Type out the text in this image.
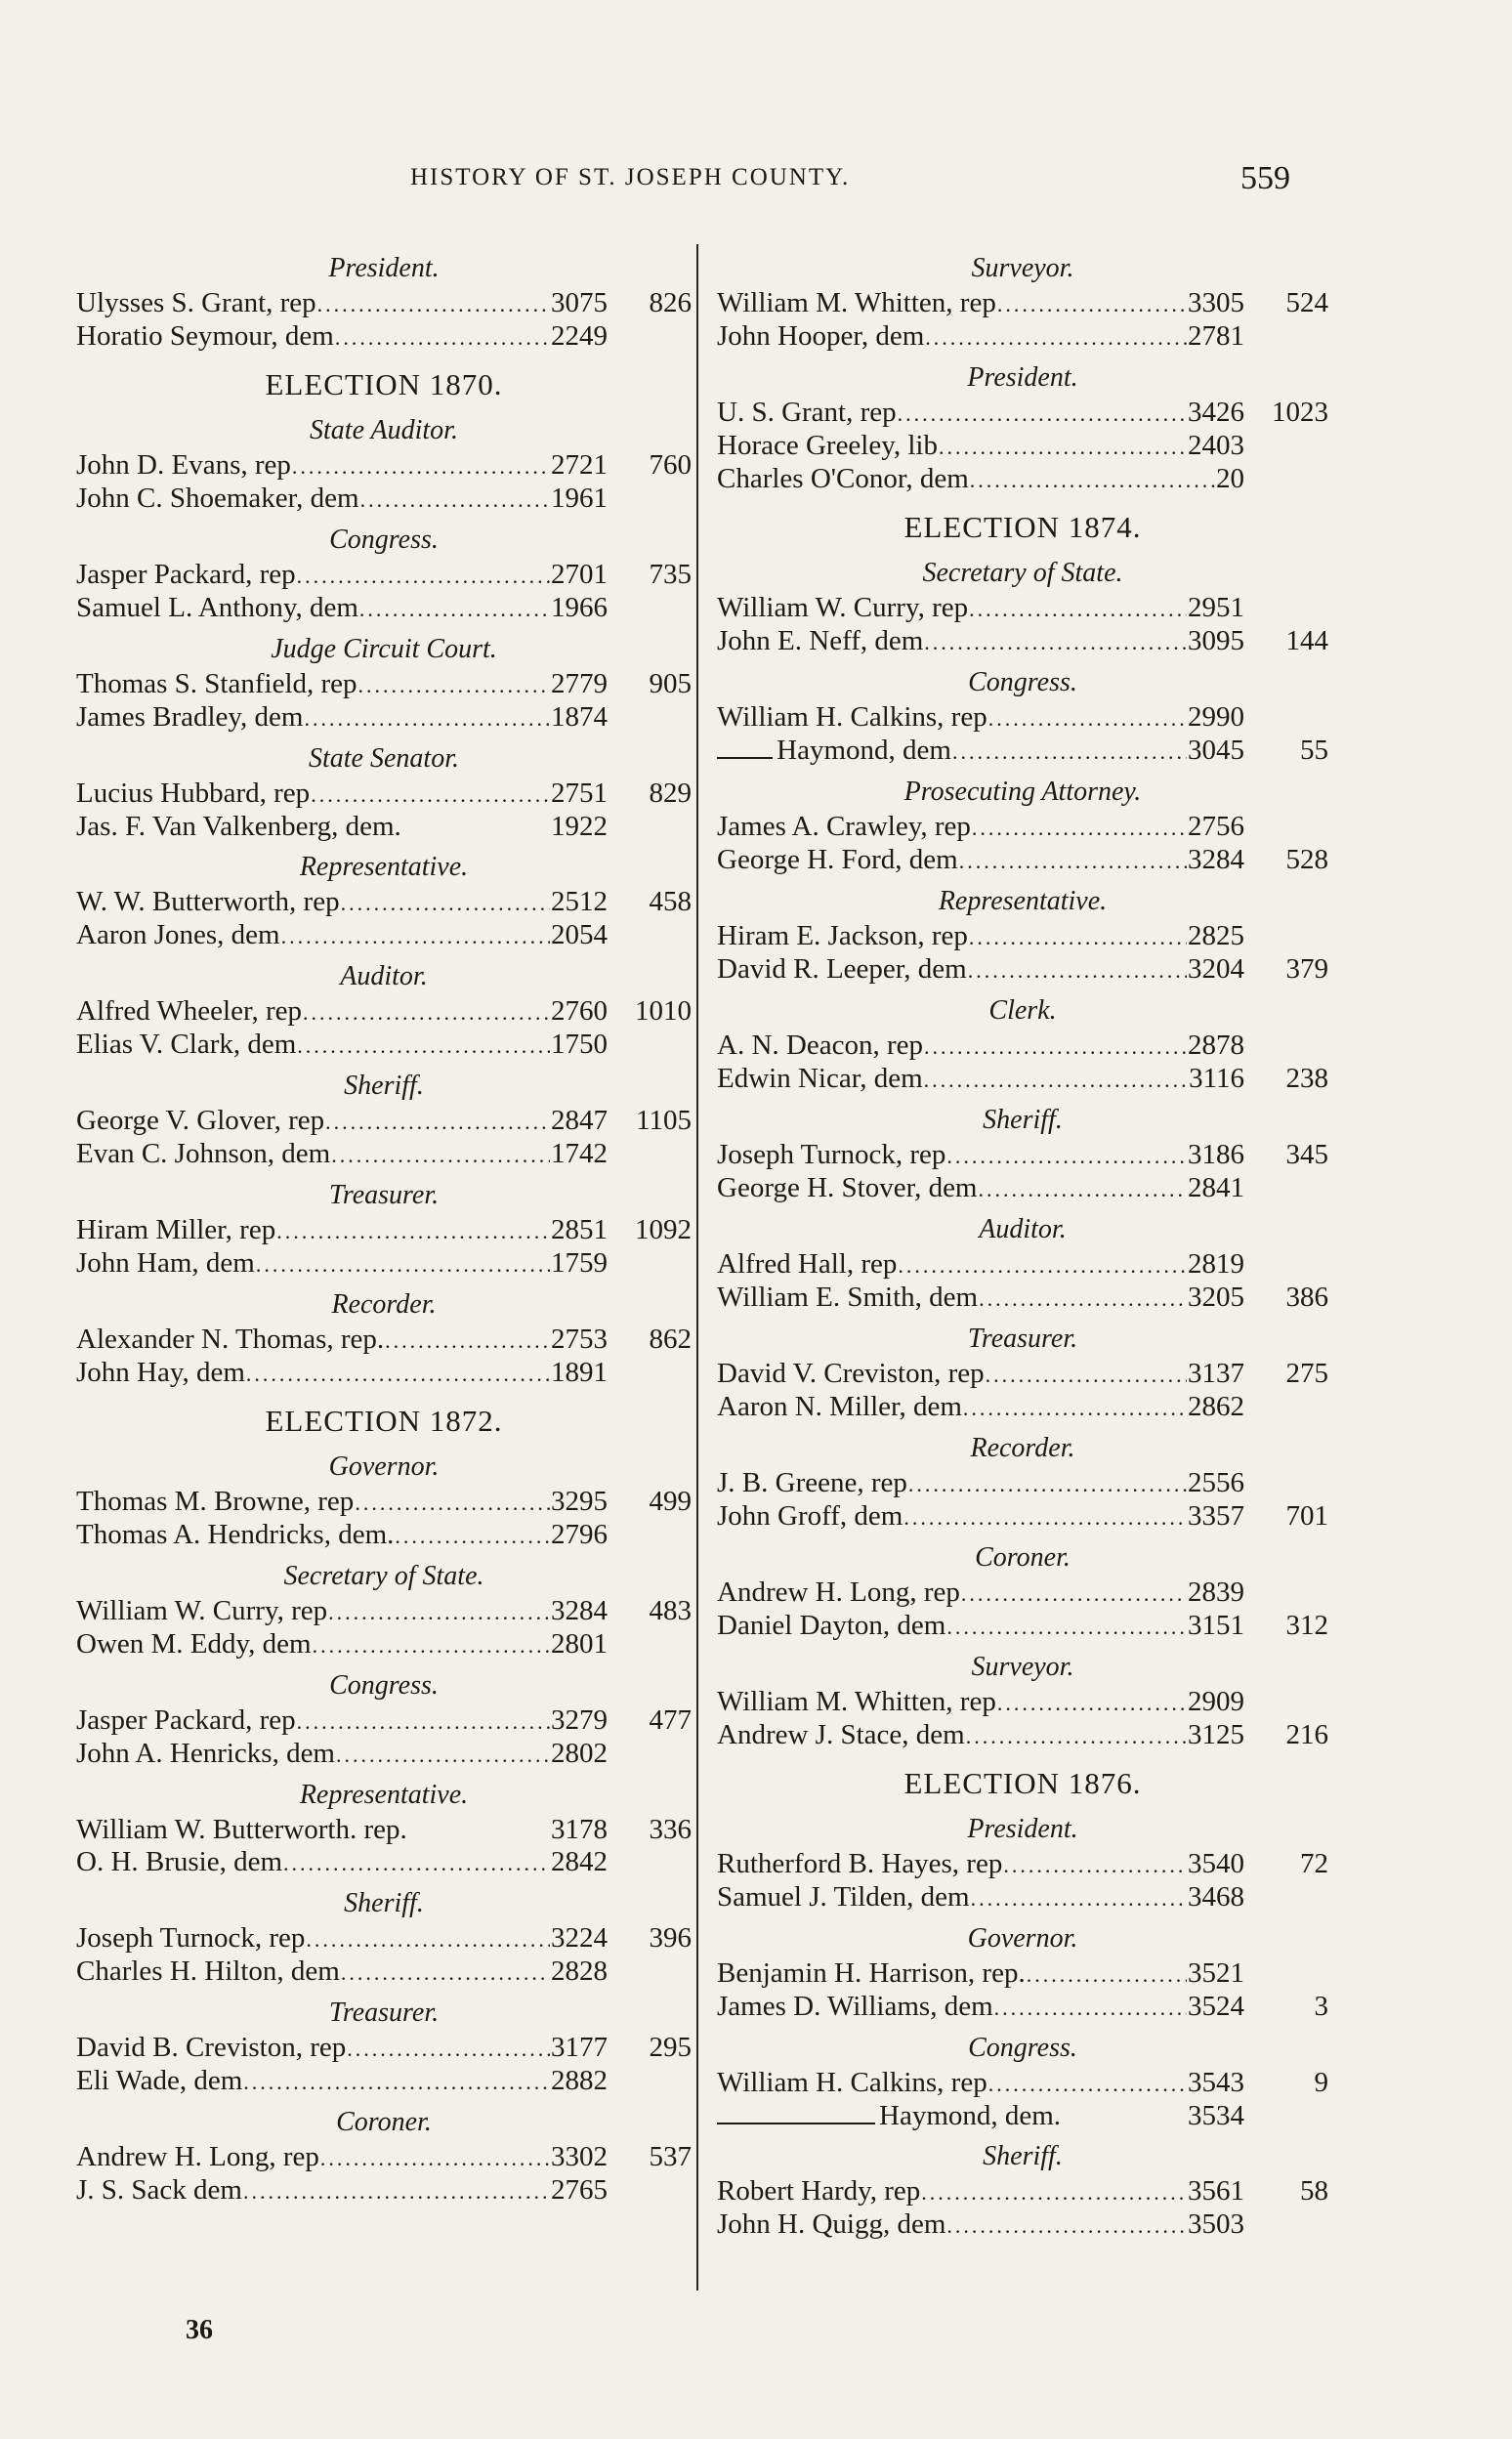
HISTORY OF ST. JOSEPH COUNTY.	559
President.
Ulysses S. Grant, rep .....	3075	826
Horatio Seymour, dem .....	2249
ELECTION 1870.
State Auditor.
John D. Evans, rep .....	2721	760
John C. Shoemaker, dem .....	1961
Congress.
Jasper Packard, rep .....	2701	735
Samuel L. Anthony, dem .....	1966
Judge Circuit Court.
Thomas S. Stanfield, rep .....	2779	905
James Bradley, dem .....	1874
State Senator.
Lucius Hubbard, rep .....	2751	829
Jas. F. Van Valkenberg, dem.	1922
Representative.
W. W. Butterworth, rep .....	2512	458
Aaron Jones, dem .....	2054
Auditor.
Alfred Wheeler, rep .....	2760 1010
Elias V. Clark, dem .....	1750
Sheriff.
George V. Glover, rep .....	2847	1105
Evan C. Johnson, dem .....	1742
Treasurer.
Hiram Miller, rep .....	2851 1092
John Ham, dem .....	1759
Recorder.
Alexander N. Thomas, rep. .....	2753	862
John Hay, dem .....	1891
ELECTION 1872.
Governor.
Thomas M. Browne, rep .....	3295	499
Thomas A. Hendricks, dem. .....	2796
Secretary of State.
William W. Curry, rep .....	3284	483
Owen M. Eddy, dem .....	2801
Congress.
Jasper Packard, rep .....	3279	477
John A. Henricks, dem .....	2802
Representative.
William W. Butterworth. rep.	3178	336
O. H. Brusie, dem .....	2842
Sheriff.
Joseph Turnock, rep .....	3224	396
Charles H. Hilton, dem .....	2828
Treasurer.
David B. Creviston, rep .....	3177	295
Eli Wade, dem .....	2882
Coroner.
Andrew H. Long, rep .....	3302	537
J. S. Sack dem .....	2765
Surveyor.
William M. Whitten, rep .....	3305	524
John Hooper, dem .....	2781
President.
U. S. Grant, rep .....	3426 1023
Horace Greeley, lib .....	2403
Charles O'Conor, dem .....	20
ELECTION 1874.
Secretary of State.
William W. Curry, rep .....	2951
John E. Neff, dem .....	3095	144
Congress.
William H. Calkins, rep .....	2990
Haymond, dem .....	3045	55
Prosecuting Attorney.
James A. Crawley, rep .....	2756
George H. Ford, dem .....	3284	528
Representative.
Hiram E. Jackson, rep .....	2825
David R. Leeper, dem .....	3204	379
Clerk.
A. N. Deacon, rep .....	2878
Edwin Nicar, dem .....	3116	238
Sheriff.
Joseph Turnock, rep .....	3186	345
George H. Stover, dem .....	2841
Auditor.
Alfred Hall, rep .....	2819
William E. Smith, dem .....	3205	386
Treasurer.
David V. Creviston, rep .....	3137	275
Aaron N. Miller, dem .....	2862
Recorder.
J. B. Greene, rep .....	2556
John Groff, dem .....	3357	701
Coroner.
Andrew H. Long, rep .....	2839
Daniel Dayton, dem .....	3151	312
Surveyor.
William M. Whitten, rep .....	2909
Andrew J. Stace, dem .....	3125	216
ELECTION 1876.
President.
Rutherford B. Hayes, rep .....	3540	72
Samuel J. Tilden, dem .....	3468
Governor.
Benjamin H. Harrison, rep. .....	3521
James D. Williams, dem .....	3524	3
Congress.
William H. Calkins, rep .....	3543	9
Haymond, dem.	3534
Sheriff.
Robert Hardy, rep .....	3561	58
John H. Quigg, dem .....	3503
36
